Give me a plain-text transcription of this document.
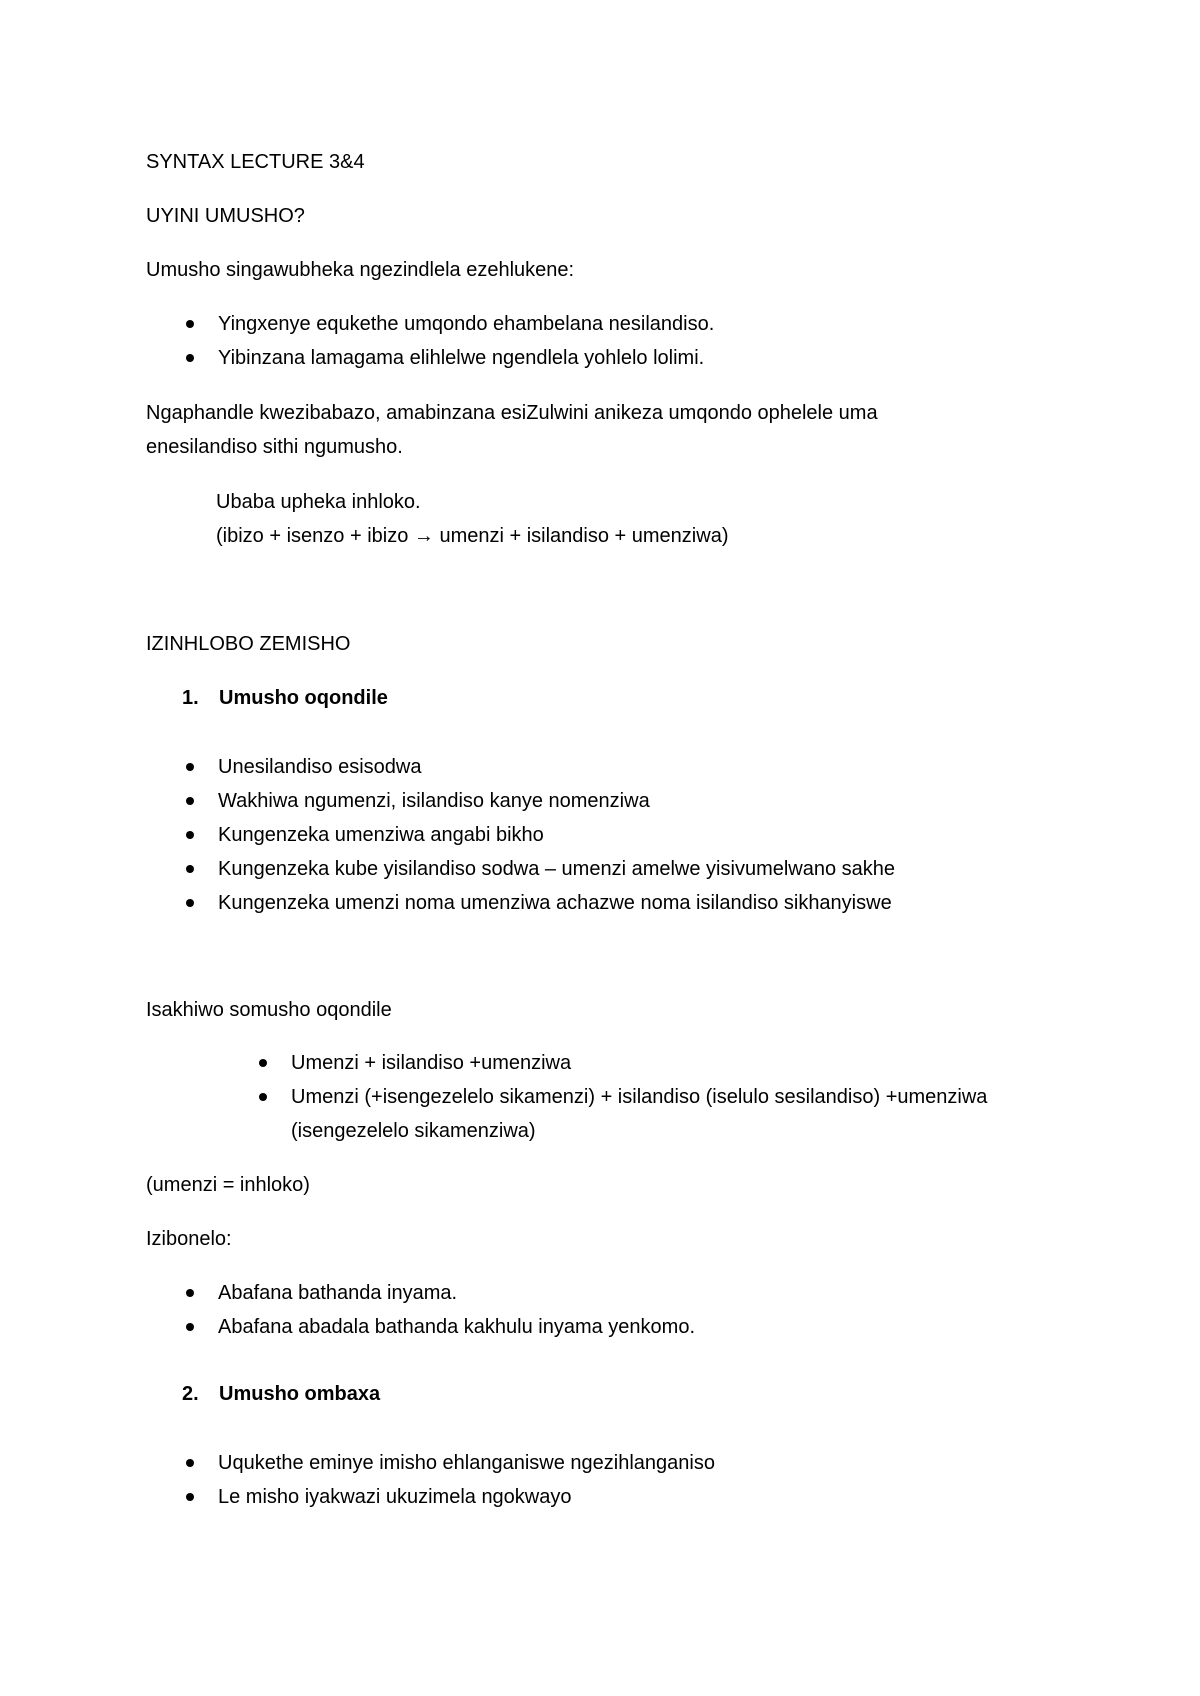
SYNTAX LECTURE 3&4
UYINI UMUSHO?
Umusho singawubheka ngezindlela ezehlukene:
Yingxenye equkethe umqondo ehambelana nesilandiso.
Yibinzana lamagama elihlelwe ngendlela yohlelo lolimi.
Ngaphandle kwezibabazo, amabinzana esiZulwini anikeza umqondo ophelele uma
enesilandiso sithi ngumusho.
Ubaba upheka inhloko.
(ibizo + isenzo + ibizo → umenzi + isilandiso + umenziwa)
IZINHLOBO ZEMISHO
1. Umusho oqondile
Unesilandiso esisodwa
Wakhiwa ngumenzi, isilandiso kanye nomenziwa
Kungenzeka umenziwa angabi bikho
Kungenzeka kube yisilandiso sodwa – umenzi amelwe yisivumelwano sakhe
Kungenzeka umenzi noma umenziwa achazwe noma isilandiso sikhanyiswe
Isakhiwo somusho oqondile
Umenzi + isilandiso +umenziwa
Umenzi (+isengezelelo sikamenzi) + isilandiso (iselulo sesilandiso) +umenziwa
(isengezelelo sikamenziwa)
(umenzi = inhloko)
Izibonelo:
Abafana bathanda inyama.
Abafana abadala bathanda kakhulu inyama yenkomo.
2. Umusho ombaxa
Uqukethe eminye imisho ehlanganiswe ngezihlanganiso
Le misho iyakwazi ukuzimela ngokwayo
